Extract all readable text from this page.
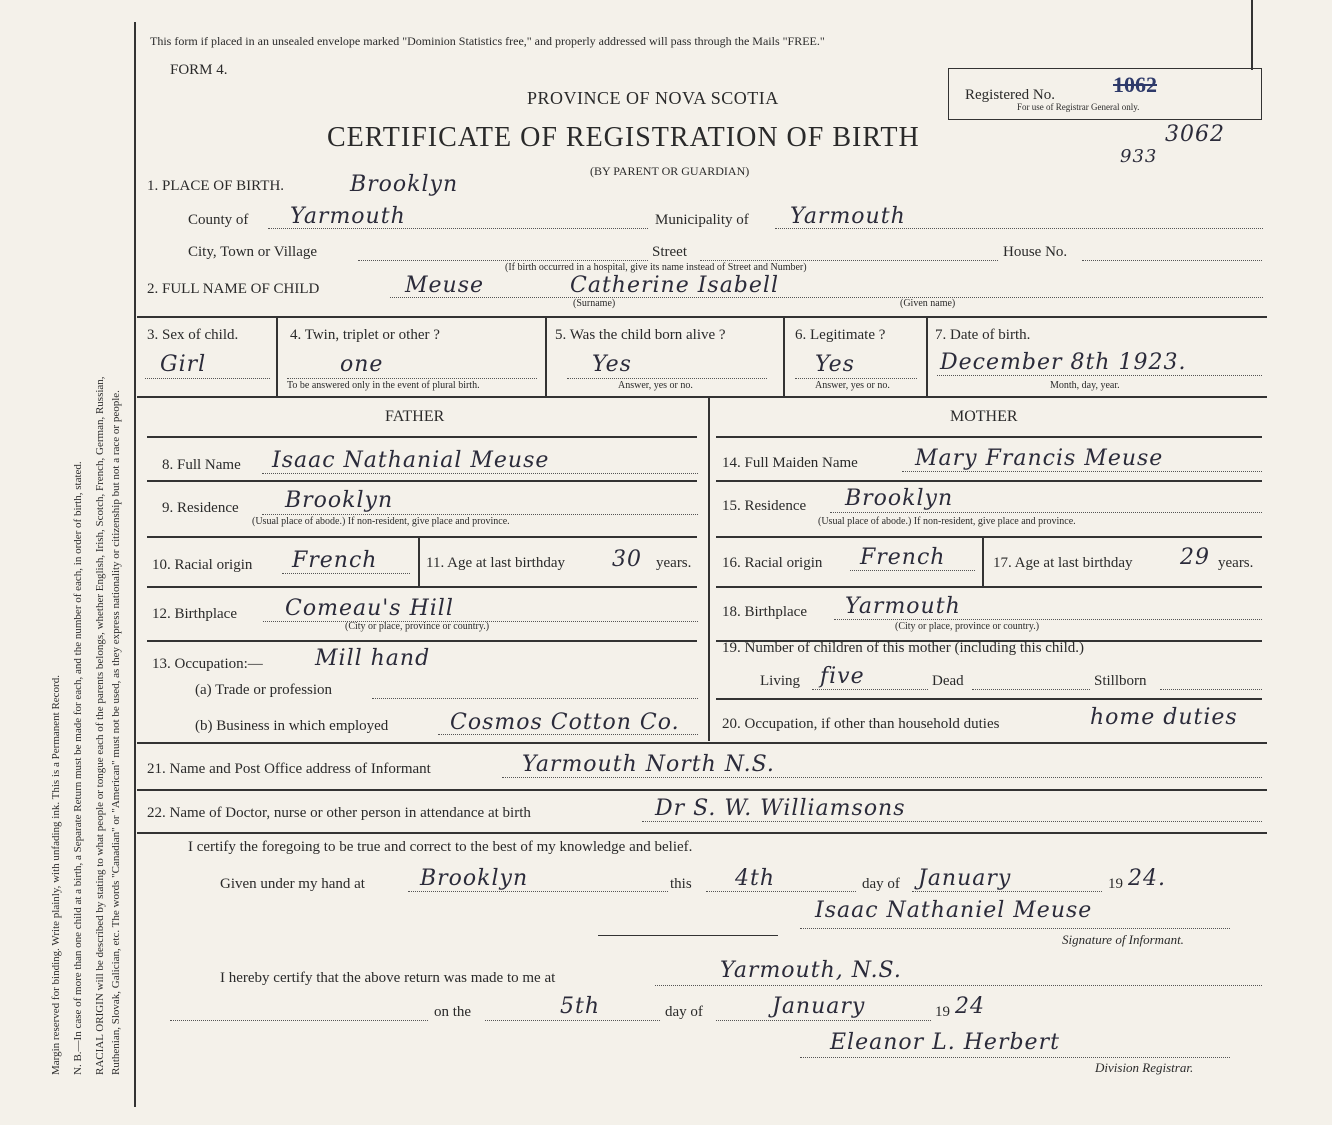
Margin reserved for binding. Write plainly, with unfading ink. This is a Permanent Record. N. B.—In case of more than one child at a birth, a Separate Return must be made for each, and the number of each, in order of birth, stated. RACIAL ORIGIN will be described by stating to what people or tongue each of the parents belongs, whether English, Irish, Scotch, French, German, Russian, Ruthenian, Slovak, Galician, etc. The words "Canadian" or "American" must not be used, as they express nationality or citizenship but not a race or people.
This form if placed in an unsealed envelope marked "Dominion Statistics free," and properly addressed will pass through the Mails "FREE."
FORM 4.
PROVINCE OF NOVA SCOTIA
CERTIFICATE OF REGISTRATION OF BIRTH
(BY PARENT OR GUARDIAN)
Registered No.	1062
For use of Registrar General only.
3062
933
1. PLACE OF BIRTH.	Brooklyn
County of Yarmouth	Municipality of Yarmouth
City, Town or Village	Street	House No.
(If birth occurred in a hospital, give its name instead of Street and Number)
2. FULL NAME OF CHILD	Meuse	Catherine Isabell
(Surname)	(Given name)
3. Sex of child.
Girl
4. Twin, triplet or other ?
one
To be answered only in the event of plural birth.
5. Was the child born alive ?
Yes
Answer, yes or no.
6. Legitimate ?
Yes
Answer, yes or no.
7. Date of birth.
December 8th 1923.
Month, day, year.
FATHER	MOTHER
8. Full Name Isaac Nathanial Meuse
9. Residence Brooklyn
(Usual place of abode.) If non-resident, give place and province.
10. Racial origin French	11. Age at last birthday 30 years.
12. Birthplace Comeau's Hill
(City or place, province or country.)
13. Occupation:— Mill hand
(a) Trade or profession
(b) Business in which employed	Cosmos Cotton Co.
14. Full Maiden Name	Mary Francis Meuse
15. Residence Brooklyn
(Usual place of abode.) If non-resident, give place and province.
16. Racial origin French	17. Age at last birthday 29 years.
18. Birthplace Yarmouth
(City or place, province or country.)
19. Number of children of this mother (including this child.)
Living five	Dead	Stillborn
20. Occupation, if other than household duties	home duties
21. Name and Post Office address of Informant	Yarmouth North N.S.
22. Name of Doctor, nurse or other person in attendance at birth	Dr S. W. Williamsons
I certify the foregoing to be true and correct to the best of my knowledge and belief.
Given under my hand at	Brooklyn	this 4th	day of January	19 24.
Isaac Nathaniel Meuse
Signature of Informant.
I hereby certify that the above return was made to me at	Yarmouth, N.S.
on the	5th	day of	January	19 24
Eleanor L. Herbert
Division Registrar.
